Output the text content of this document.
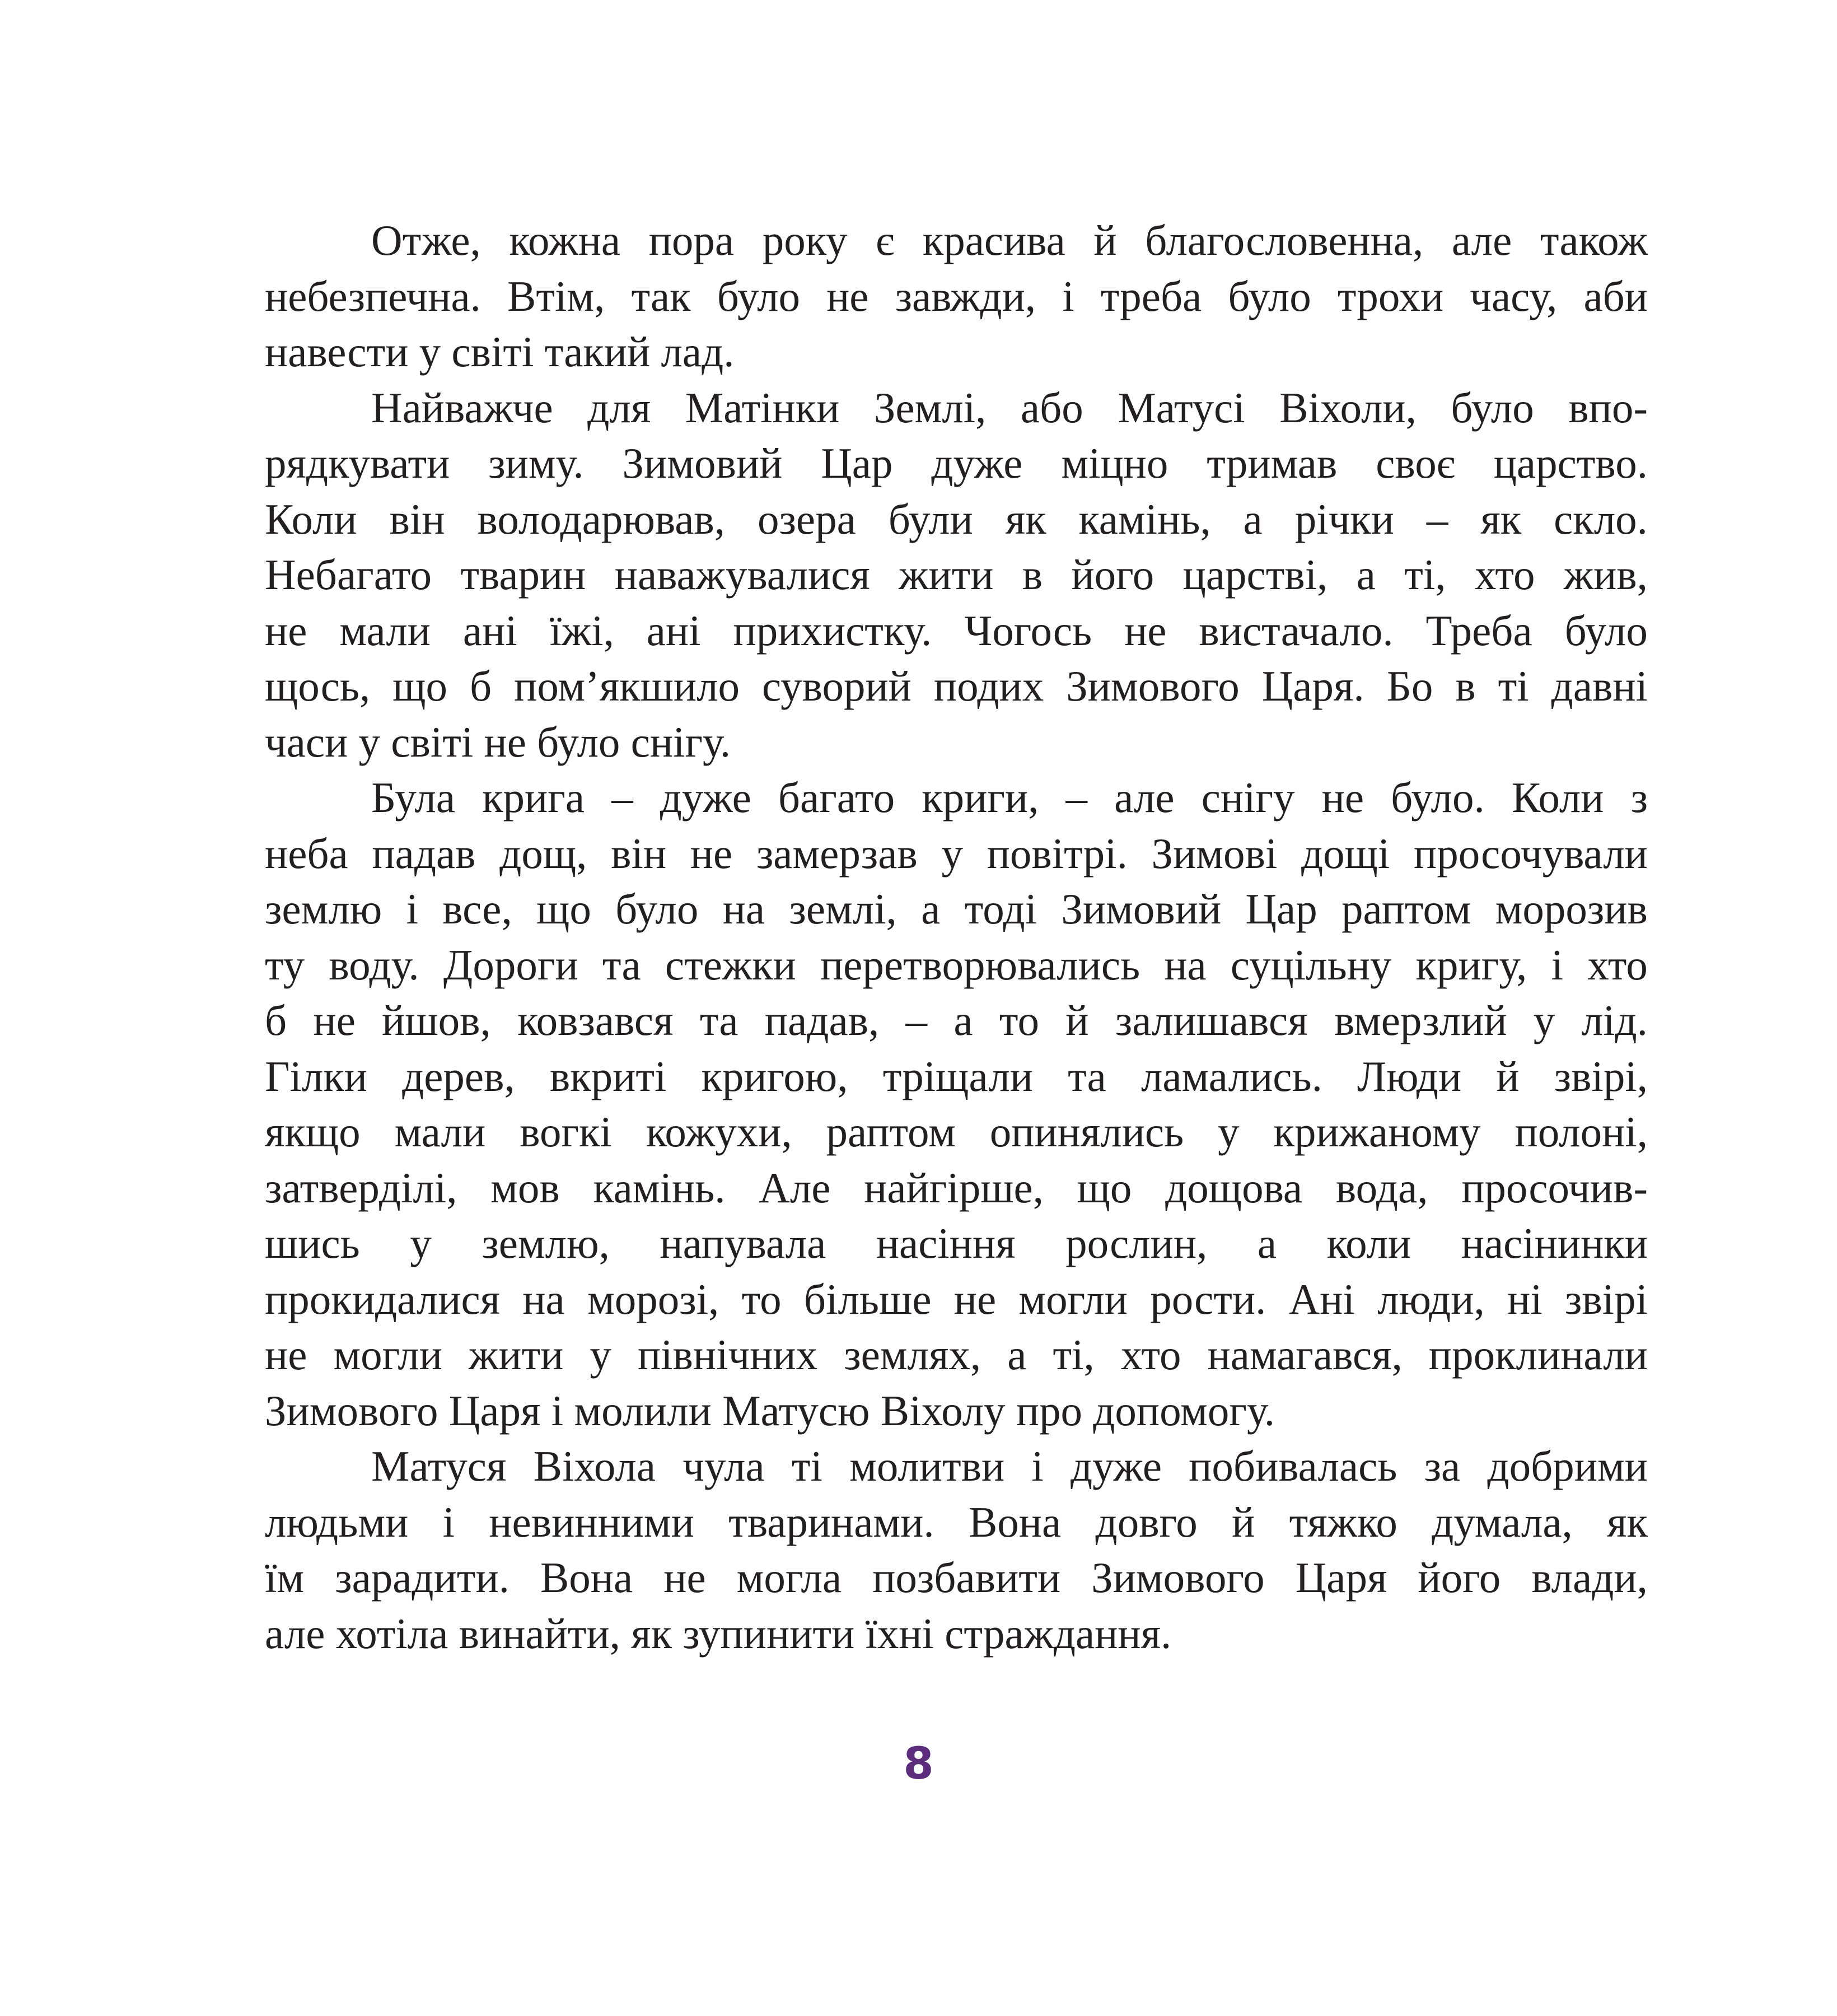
Отже, кожна пора року є красива й благословенна, але також
небезпечна. Втім, так було не завжди, і треба було трохи часу, аби
навести у світі такий лад.
Найважче для Матінки Землі, або Матусі Віхоли, було впо-
рядкувати зиму. Зимовий Цар дуже міцно тримав своє царство.
Коли він володарював, озера були як камінь, а річки – як скло.
Небагато тварин наважувалися жити в його царстві, а ті, хто жив,
не мали ані їжі, ані прихистку. Чогось не вистачало. Треба було
щось, що б пом’якшило суворий подих Зимового Царя. Бо в ті давні
часи у світі не було снігу.
Була крига – дуже багато криги, – але снігу не було. Коли з
неба падав дощ, він не замерзав у повітрі. Зимові дощі просочували
землю і все, що було на землі, а тоді Зимовий Цар раптом морозив
ту воду. Дороги та стежки перетворювались на суцільну кригу, і хто
б не йшов, ковзався та падав, – а то й залишався вмерзлий у лід.
Гілки дерев, вкриті кригою, тріщали та ламались. Люди й звірі,
якщо мали вогкі кожухи, раптом опинялись у крижаному полоні,
затверділі, мов камінь. Але найгірше, що дощова вода, просочив-
шись у землю, напувала насіння рослин, а коли насінинки
прокидалися на морозі, то більше не могли рости. Ані люди, ні звірі
не могли жити у північних землях, а ті, хто намагався, проклинали
Зимового Царя і молили Матусю Віхолу про допомогу.
Матуся Віхола чула ті молитви і дуже побивалась за добрими
людьми і невинними тваринами. Вона довго й тяжко думала, як
їм зарадити. Вона не могла позбавити Зимового Царя його влади,
але хотіла винайти, як зупинити їхні страждання.
8
